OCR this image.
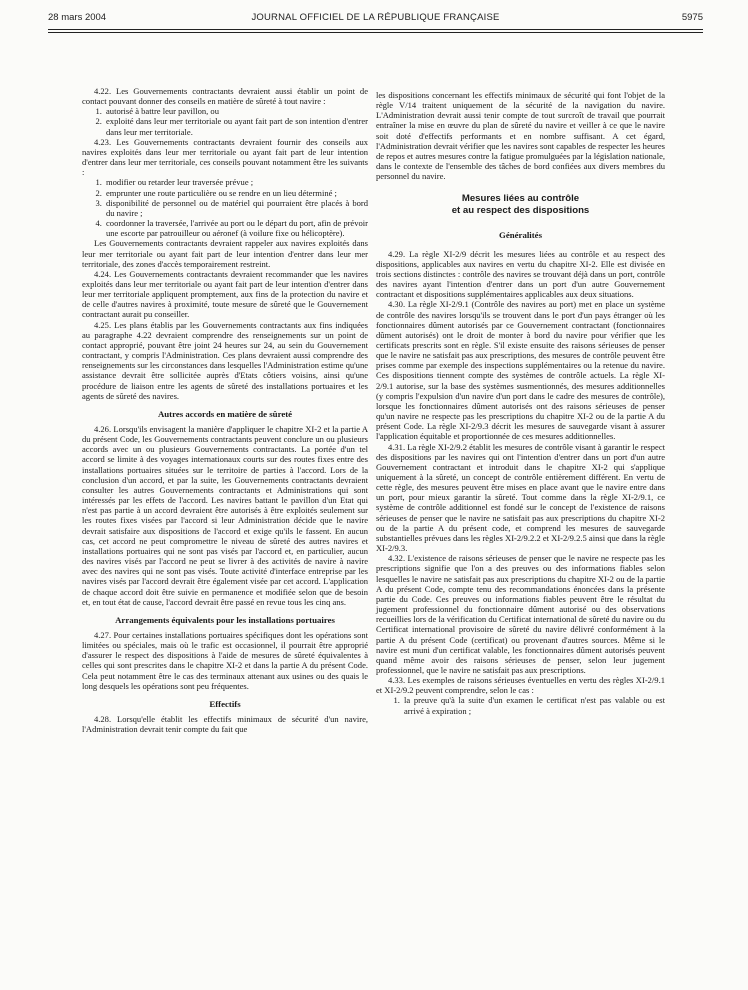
28 mars 2004	JOURNAL OFFICIEL DE LA RÉPUBLIQUE FRANÇAISE	5975

4.22. Les Gouvernements contractants devraient aussi établir un point de contact pouvant donner des conseils en matière de sûreté à tout navire :

1. autorisé à battre leur pavillon, ou
2. exploité dans leur mer territoriale ou ayant fait part de son intention d'entrer dans leur mer territoriale.

4.23. Les Gouvernements contractants devraient fournir des conseils aux navires exploités dans leur mer territoriale ou ayant fait part de leur intention d'entrer dans leur mer territoriale, ces conseils pouvant notamment être les suivants :

1. modifier ou retarder leur traversée prévue ;
2. emprunter une route particulière ou se rendre en un lieu déterminé ;
3. disponibilité de personnel ou de matériel qui pourraient être placés à bord du navire ;
4. coordonner la traversée, l'arrivée au port ou le départ du port, afin de prévoir une escorte par patrouilleur ou aéronef (à voilure fixe ou hélicoptère).

Les Gouvernements contractants devraient rappeler aux navires exploités dans leur mer territoriale ou ayant fait part de leur intention d'entrer dans leur mer territoriale, des zones d'accès temporairement restreint.

4.24. Les Gouvernements contractants devraient recommander que les navires exploités dans leur mer territoriale ou ayant fait part de leur intention d'entrer dans leur mer territoriale appliquent promptement, aux fins de la protection du navire et de celle d'autres navires à proximité, toute mesure de sûreté que le Gouvernement contractant aurait pu conseiller.

4.25. Les plans établis par les Gouvernements contractants aux fins indiquées au paragraphe 4.22 devraient comprendre des renseignements sur un point de contact approprié, pouvant être joint 24 heures sur 24, au sein du Gouvernement contractant, y compris l'Administration. Ces plans devraient aussi comprendre des renseignements sur les circonstances dans lesquelles l'Administration estime qu'une assistance devrait être sollicitée auprès d'Etats côtiers voisins, ainsi qu'une procédure de liaison entre les agents de sûreté des installations portuaires et les agents de sûreté des navires.

Autres accords en matière de sûreté

4.26. Lorsqu'ils envisagent la manière d'appliquer le chapitre XI-2 et la partie A du présent Code, les Gouvernements contractants peuvent conclure un ou plusieurs accords avec un ou plusieurs Gouvernements contractants. La portée d'un tel accord se limite à des voyages internationaux courts sur des routes fixes entre des installations portuaires situées sur le territoire de parties à l'accord. Lors de la conclusion d'un accord, et par la suite, les Gouvernements contractants devraient consulter les autres Gouvernements contractants et Administrations qui sont intéressés par les effets de l'accord. Les navires battant le pavillon d'un Etat qui n'est pas partie à un accord devraient être autorisés à être exploités seulement sur les routes fixes visées par l'accord si leur Administration décide que le navire devrait satisfaire aux dispositions de l'accord et exige qu'ils le fassent. En aucun cas, cet accord ne peut compromettre le niveau de sûreté des autres navires et installations portuaires qui ne sont pas visés par l'accord et, en particulier, aucun des navires visés par l'accord ne peut se livrer à des activités de navire à navire avec des navires qui ne sont pas visés. Toute activité d'interface entreprise par les navires visés par l'accord devrait être également visée par cet accord. L'application de chaque accord doit être suivie en permanence et modifiée selon que de besoin et, en tout état de cause, l'accord devrait être passé en revue tous les cinq ans.

Arrangements équivalents pour les installations portuaires

4.27. Pour certaines installations portuaires spécifiques dont les opérations sont limitées ou spéciales, mais où le trafic est occasionnel, il pourrait être approprié d'assurer le respect des dispositions à l'aide de mesures de sûreté équivalentes à celles qui sont prescrites dans le chapitre XI-2 et dans la partie A du présent Code. Cela peut notamment être le cas des terminaux attenant aux usines ou des quais le long desquels les opérations sont peu fréquentes.

Effectifs

4.28. Lorsqu'elle établit les effectifs minimaux de sécurité d'un navire, l'Administration devrait tenir compte du fait que

les dispositions concernant les effectifs minimaux de sécurité qui font l'objet de la règle V/14 traitent uniquement de la sécurité de la navigation du navire. L'Administration devrait aussi tenir compte de tout surcroît de travail que pourrait entraîner la mise en œuvre du plan de sûreté du navire et veiller à ce que le navire soit doté d'effectifs performants et en nombre suffisant. A cet égard, l'Administration devrait vérifier que les navires sont capables de respecter les heures de repos et autres mesures contre la fatigue promulguées par la législation nationale, dans le contexte de l'ensemble des tâches de bord confiées aux divers membres du personnel du navire.

Mesures liées au contrôle
et au respect des dispositions
Généralités

4.29. La règle XI-2/9 décrit les mesures liées au contrôle et au respect des dispositions, applicables aux navires en vertu du chapitre XI-2. Elle est divisée en trois sections distinctes : contrôle des navires se trouvant déjà dans un port, contrôle des navires ayant l'intention d'entrer dans un port d'un autre Gouvernement contractant et dispositions supplémentaires applicables aux deux situations.

4.30. La règle XI-2/9.1 (Contrôle des navires au port) met en place un système de contrôle des navires lorsqu'ils se trouvent dans le port d'un pays étranger où les fonctionnaires dûment autorisés par ce Gouvernement contractant (fonctionnaires dûment autorisés) ont le droit de monter à bord du navire pour vérifier que les certificats prescrits sont en règle. S'il existe ensuite des raisons sérieuses de penser que le navire ne satisfait pas aux prescriptions, des mesures de contrôle peuvent être prises comme par exemple des inspections supplémentaires ou la retenue du navire. Ces dispositions tiennent compte des systèmes de contrôle actuels. La règle XI-2/9.1 autorise, sur la base des systèmes susmentionnés, des mesures additionnelles (y compris l'expulsion d'un navire d'un port dans le cadre des mesures de contrôle), lorsque les fonctionnaires dûment autorisés ont des raisons sérieuses de penser qu'un navire ne respecte pas les prescriptions du chapitre XI-2 ou de la partie A du présent Code. La règle XI-2/9.3 décrit les mesures de sauvegarde visant à assurer l'application équitable et proportionnée de ces mesures additionnelles.

4.31. La règle XI-2/9.2 établit les mesures de contrôle visant à garantir le respect des dispositions par les navires qui ont l'intention d'entrer dans un port d'un autre Gouvernement contractant et introduit dans le chapitre XI-2 qui s'applique uniquement à la sûreté, un concept de contrôle entièrement différent. En vertu de cette règle, des mesures peuvent être mises en place avant que le navire entre dans un port, pour mieux garantir la sûreté. Tout comme dans la règle XI-2/9.1, ce système de contrôle additionnel est fondé sur le concept de l'existence de raisons sérieuses de penser que le navire ne satisfait pas aux prescriptions du chapitre XI-2 ou de la partie A du présent code, et comprend les mesures de sauvegarde substantielles prévues dans les règles XI-2/9.2.2 et XI-2/9.2.5 ainsi que dans la règle XI-2/9.3.

4.32. L'existence de raisons sérieuses de penser que le navire ne respecte pas les prescriptions signifie que l'on a des preuves ou des informations fiables selon lesquelles le navire ne satisfait pas aux prescriptions du chapitre XI-2 ou de la partie A du présent Code, compte tenu des recommandations énoncées dans la présente partie du Code. Ces preuves ou informations fiables peuvent être le résultat du jugement professionnel du fonctionnaire dûment autorisé ou des observations recueillies lors de la vérification du Certificat international de sûreté du navire ou du Certificat international provisoire de sûreté du navire délivré conformément à la partie A du présent Code (certificat) ou provenant d'autres sources. Même si le navire est muni d'un certificat valable, les fonctionnaires dûment autorisés peuvent quand même avoir des raisons sérieuses de penser, selon leur jugement professionnel, que le navire ne satisfait pas aux prescriptions.

4.33. Les exemples de raisons sérieuses éventuelles en vertu des règles XI-2/9.1 et XI-2/9.2 peuvent comprendre, selon le cas :

1. la preuve qu'à la suite d'un examen le certificat n'est pas valable ou est arrivé à expiration ;
